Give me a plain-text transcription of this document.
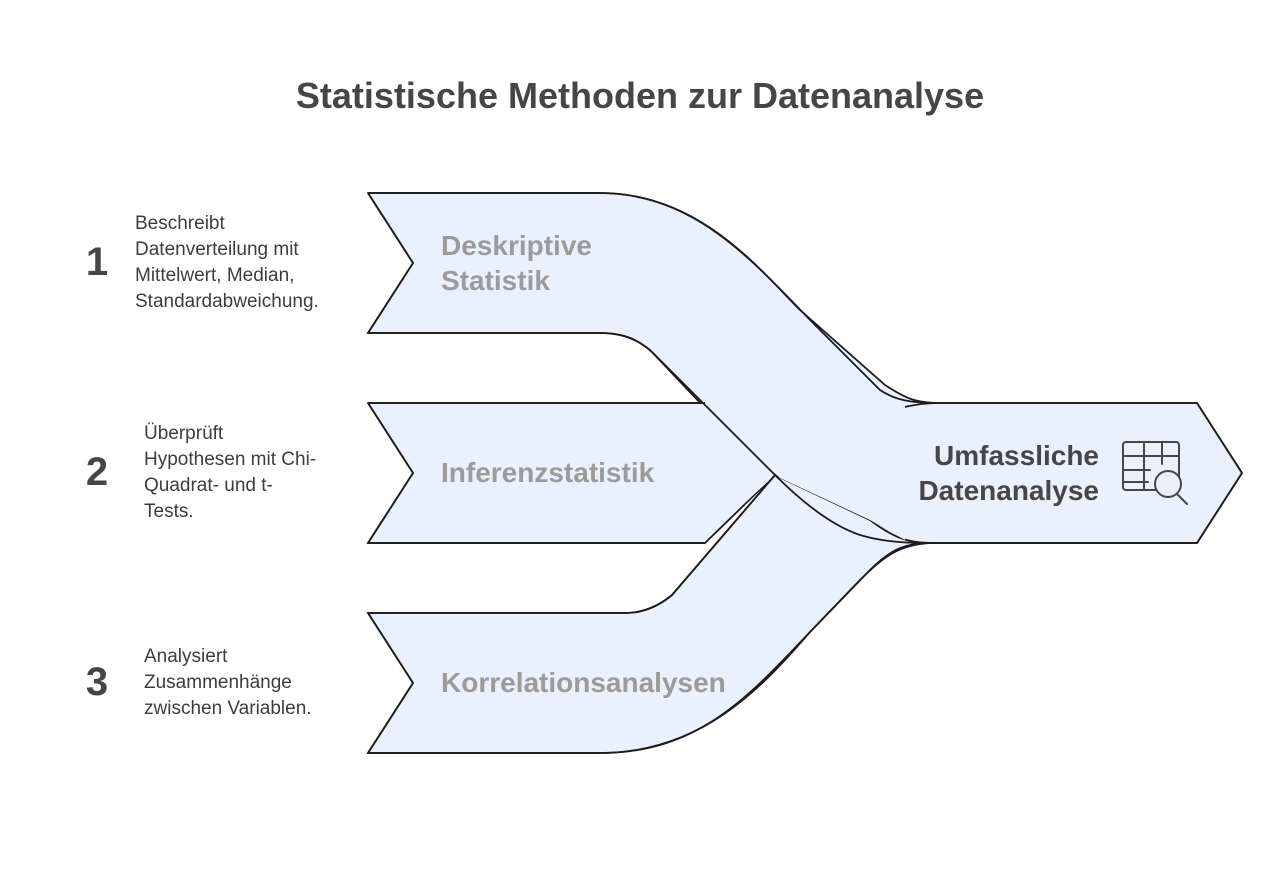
Statistische Methoden zur Datenanalyse
1
Beschreibt
Datenverteilung mit
Mittelwert, Median,
Standardabweichung.
2
Überprüft
Hypothesen mit Chi-
Quadrat- und t-
Tests.
3
Analysiert
Zusammenhänge
zwischen Variablen.
Deskriptive
Statistik
Inferenzstatistik
Korrelationsanalysen
Umfassliche
Datenanalyse
